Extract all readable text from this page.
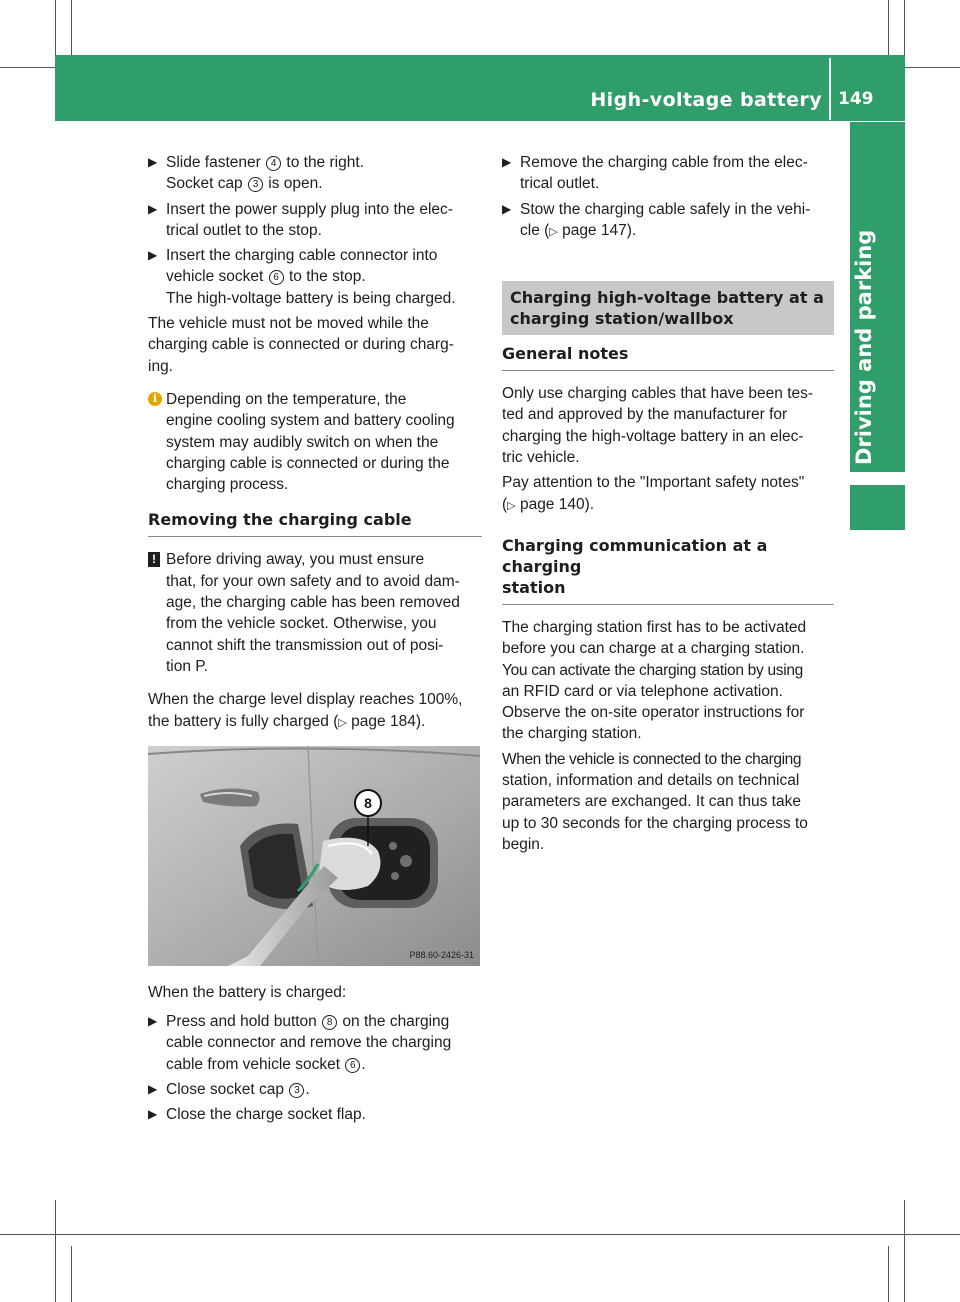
High-voltage battery 149
Driving and parking
▶ Slide fastener 4 to the right.
Socket cap 3 is open.
▶ Insert the power supply plug into the elec-
trical outlet to the stop.
▶ Insert the charging cable connector into
vehicle socket 6 to the stop.
The high-voltage battery is being charged.

The vehicle must not be moved while the
charging cable is connected or during charg-
ing.

i Depending on the temperature, the
engine cooling system and battery cooling
system may audibly switch on when the
charging cable is connected or during the
charging process.
Removing the charging cable
! Before driving away, you must ensure
that, for your own safety and to avoid dam-
age, the charging cable has been removed
from the vehicle socket. Otherwise, you
cannot shift the transmission out of posi-
tion P.

When the charge level display reaches 100%,
the battery is fully charged (▷ page 184).

8
P88.60-2426-31

When the battery is charged:

▶ Press and hold button 8 on the charging
cable connector and remove the charging
cable from vehicle socket 6 .
▶ Close socket cap 3 .
▶ Close the charge socket flap.
▶ Remove the charging cable from the elec-
trical outlet.
▶ Stow the charging cable safely in the vehi-
cle (▷ page 147).
Charging high-voltage battery at a
charging station/wallbox
General notes

Only use charging cables that have been tes-
ted and approved by the manufacturer for
charging the high-voltage battery in an elec-
tric vehicle.

Pay attention to the "Important safety notes"
(▷ page 140).

Charging communication at a charging
station

The charging station first has to be activated
before you can charge at a charging station.
You can activate the charging station by using
an RFID card or via telephone activation.
Observe the on-site operator instructions for
the charging station.

When the vehicle is connected to the charging
station, information and details on technical
parameters are exchanged. It can thus take
up to 30 seconds for the charging process to
begin.
